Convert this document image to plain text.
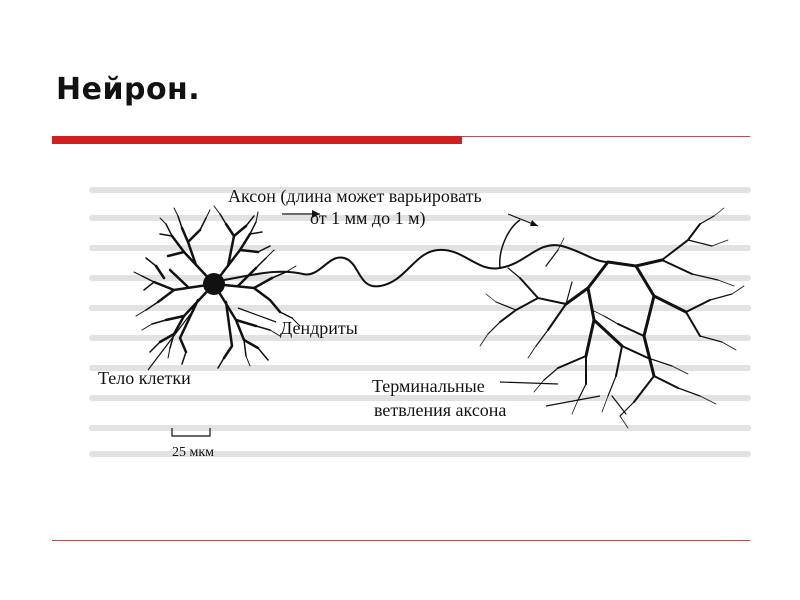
Нейрон.
Аксон (длина может варьировать
от 1 мм до 1 м)
Дендриты
Тело клетки	Терминальные
ветвления аксона
25 мкм
